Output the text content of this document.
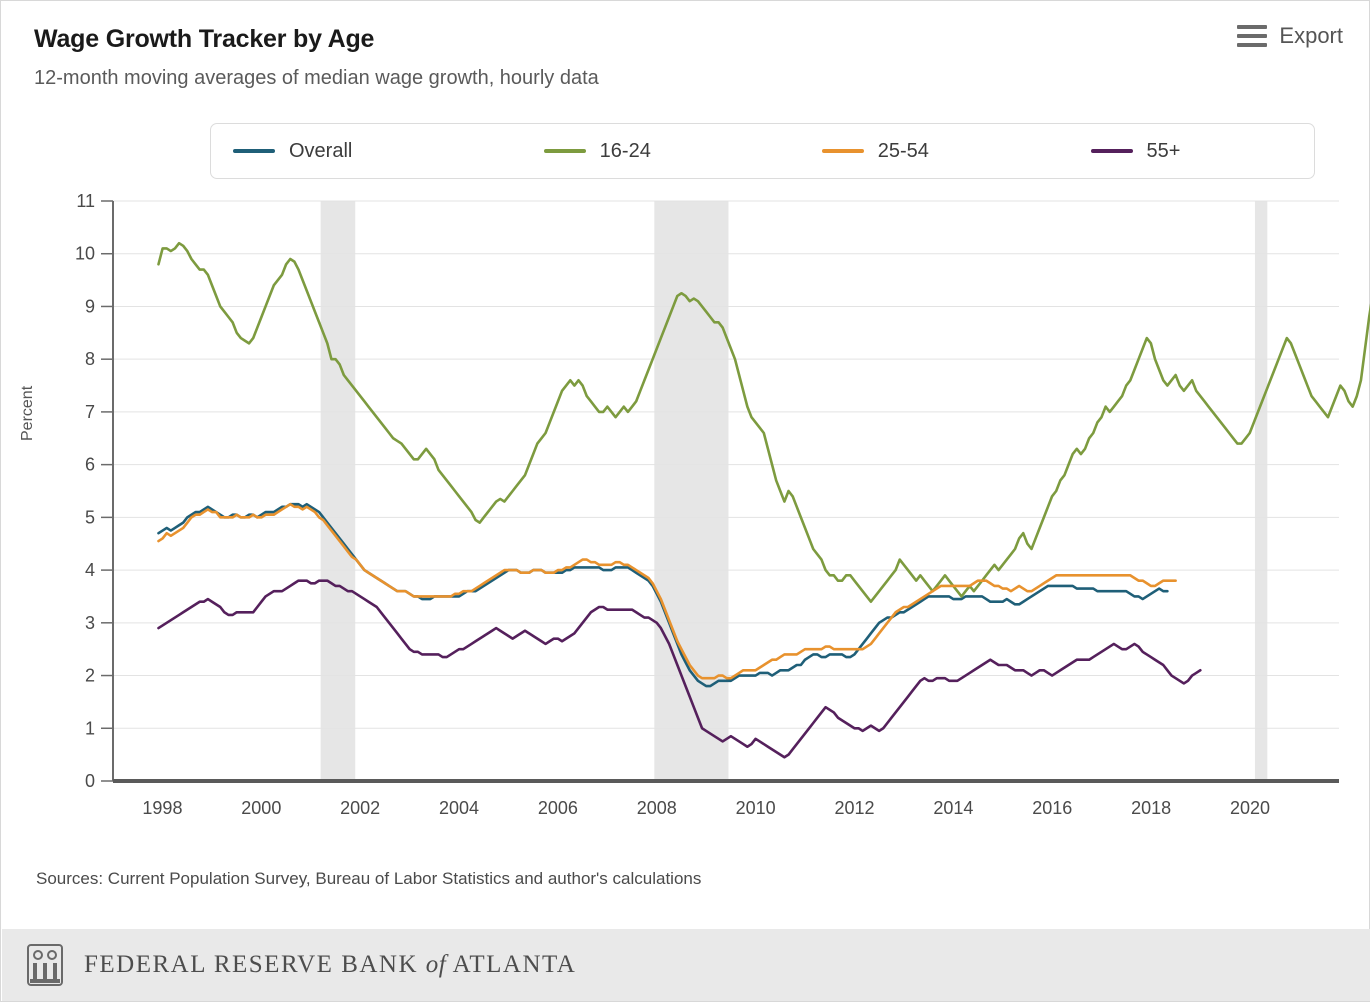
Wage Growth Tracker by Age
12-month moving averages of median wage growth, hourly data
Export
Overall	16-24	25-54	55+
Percent
0
1
2
3
4
5
6
7
8
9
10
11
1998	2000	2002	2004	2006	2008	2010	2012	2014	2016	2018	2020
Sources: Current Population Survey, Bureau of Labor Statistics and author's calculations
FEDERAL RESERVE BANK of ATLANTA
